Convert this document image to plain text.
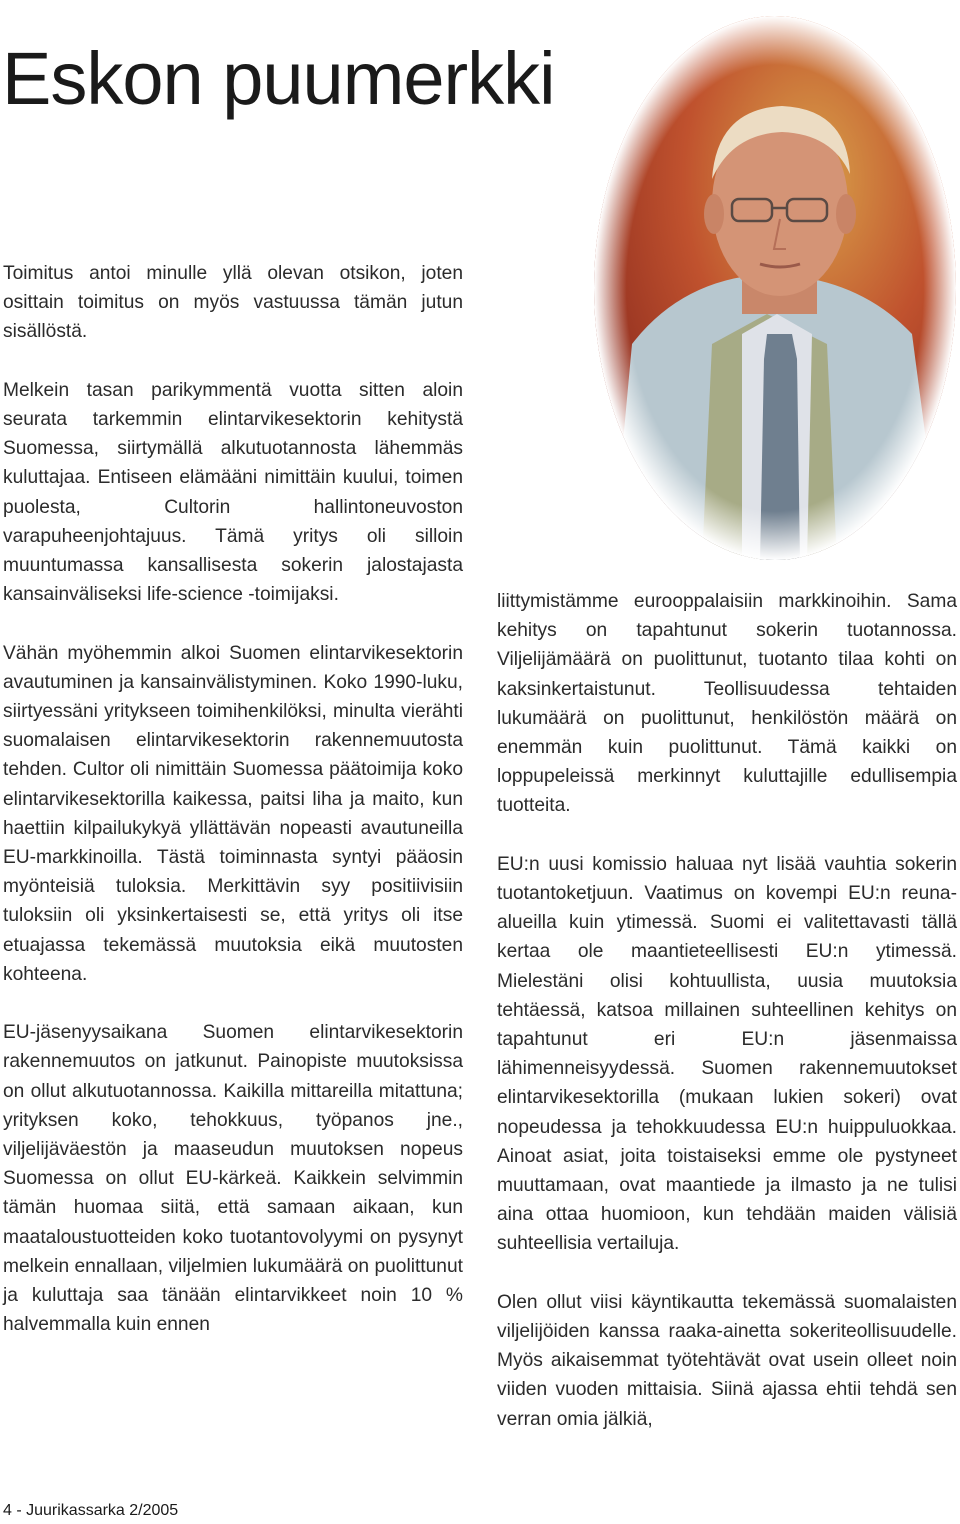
Eskon puumerkki

Toimitus antoi minulle yllä olevan otsikon, joten osittain toimitus on myös vastuussa tämän jutun sisällöstä.

Melkein tasan parikymmentä vuotta sitten aloin seurata tarkemmin elintarvikesektorin kehitystä Suomessa, siirtymällä alkutuotannosta lähemmäs kuluttajaa. Entiseen elämääni nimittäin kuului, toimen puolesta, Cultorin hallintoneuvoston varapuheenjohtajuus. Tämä yritys oli silloin muuntumassa kansallisesta sokerin jalostajasta kansainväliseksi life-science -toimijaksi.

Vähän myöhemmin alkoi Suomen elintarvikesektorin avautuminen ja kansainvälistyminen. Koko 1990-luku, siirtyessäni yritykseen toimihenkilöksi, minulta vierähti suomalaisen elintarvikesektorin rakennemuutosta tehden. Cultor oli nimittäin Suomessa päätoimija koko elintarvikesektorilla kaikessa, paitsi liha ja maito, kun haettiin kilpailukykyä yllättävän nopeasti avautuneilla EU-markkinoilla. Tästä toiminnasta syntyi pääosin myönteisiä tuloksia. Merkittävin syy positiivisiin tuloksiin oli yksinkertaisesti se, että yritys oli itse etuajassa tekemässä muutoksia eikä muutosten kohteena.

EU-jäsenyysaikana Suomen elintarvikesektorin rakennemuutos on jatkunut. Painopiste muutoksissa on ollut alkutuotannossa. Kaikilla mittareilla mitattuna; yrityksen koko, tehokkuus, työpanos jne., viljelijäväestön ja maaseudun muutoksen nopeus Suomessa on ollut EU-kärkeä. Kaikkein selvimmin tämän huomaa siitä, että samaan aikaan, kun maataloustuotteiden koko tuotantovolyymi on pysynyt melkein ennallaan, viljelmien lukumäärä on puolittunut ja kuluttaja saa tänään elintarvikkeet noin 10 % halvemmalla kuin ennen

liittymistämme eurooppalaisiin markkinoihin. Sama kehitys on tapahtunut sokerin tuotannossa. Viljelijämäärä on puolittunut, tuotanto tilaa kohti on kaksinkertaistunut. Teollisuudessa tehtaiden lukumäärä on puolittunut, henkilöstön määrä on enemmän kuin puolittunut. Tämä kaikki on loppupeleissä merkinnyt kuluttajille edullisempia tuotteita.

EU:n uusi komissio haluaa nyt lisää vauhtia sokerin tuotantoketjuun. Vaatimus on kovempi EU:n reuna-alueilla kuin ytimessä. Suomi ei valitettavasti tällä kertaa ole maantieteellisesti EU:n ytimessä. Mielestäni olisi kohtuullista, uusia muutoksia tehtäessä, katsoa millainen suhteellinen kehitys on tapahtunut eri EU:n jäsenmaissa lähimenneisyydessä. Suomen rakennemuutokset elintarvikesektorilla (mukaan lukien sokeri) ovat nopeudessa ja tehokkuudessa EU:n huippuluokkaa. Ainoat asiat, joita toistaiseksi emme ole pystyneet muuttamaan, ovat maantiede ja ilmasto ja ne tulisi aina ottaa huomioon, kun tehdään maiden välisiä suhteellisia vertailuja.

Olen ollut viisi käyntikautta tekemässä suomalaisten viljelijöiden kanssa raaka-ainetta sokeriteollisuudelle. Myös aikaisemmat työtehtävät ovat usein olleet noin viiden vuoden mittaisia. Siinä ajassa ehtii tehdä sen verran omia jälkiä,

4 - Juurikassarka 2/2005
